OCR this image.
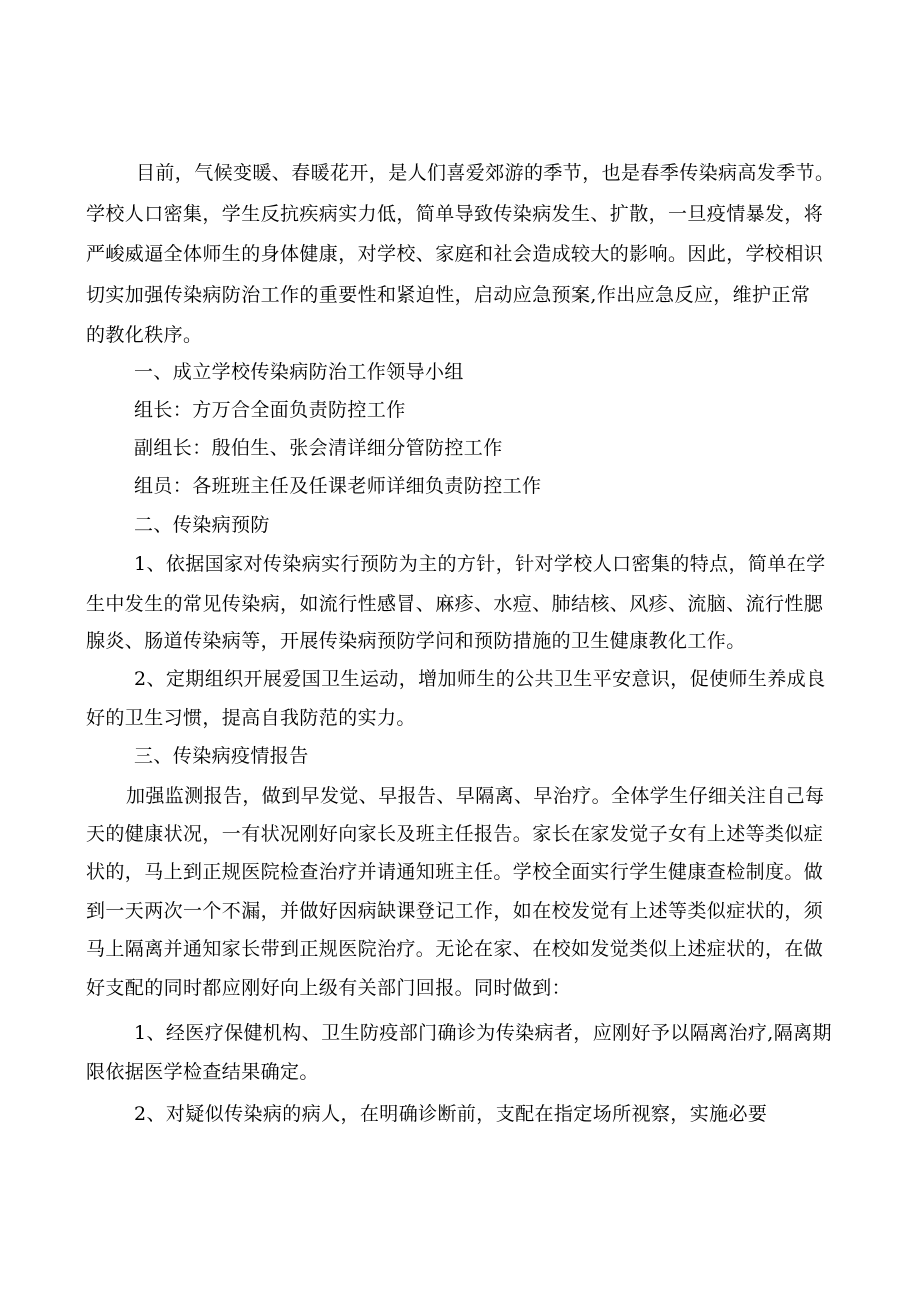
目前，气候变暖、春暖花开，是人们喜爱郊游的季节，也是春季传染病高发季节。
学校人口密集，学生反抗疾病实力低，简单导致传染病发生、扩散，一旦疫情暴发，将
严峻威逼全体师生的身体健康，对学校、家庭和社会造成较大的影响。因此，学校相识
切实加强传染病防治工作的重要性和紧迫性，启动应急预案,作出应急反应，维护正常
的教化秩序。
一、成立学校传染病防治工作领导小组
组长：方万合全面负责防控工作
副组长：殷伯生、张会清详细分管防控工作
组员：各班班主任及任课老师详细负责防控工作
二、传染病预防
1、依据国家对传染病实行预防为主的方针，针对学校人口密集的特点，简单在学
生中发生的常见传染病，如流行性感冒、麻疹、水痘、肺结核、风疹、流脑、流行性腮
腺炎、肠道传染病等，开展传染病预防学问和预防措施的卫生健康教化工作。
2、定期组织开展爱国卫生运动，增加师生的公共卫生平安意识，促使师生养成良
好的卫生习惯，提高自我防范的实力。
三、传染病疫情报告
加强监测报告，做到早发觉、早报告、早隔离、早治疗。全体学生仔细关注自己每
天的健康状况，一有状况刚好向家长及班主任报告。家长在家发觉子女有上述等类似症
状的，马上到正规医院检查治疗并请通知班主任。学校全面实行学生健康查检制度。做
到一天两次一个不漏，并做好因病缺课登记工作，如在校发觉有上述等类似症状的，须
马上隔离并通知家长带到正规医院治疗。无论在家、在校如发觉类似上述症状的，在做
好支配的同时都应刚好向上级有关部门回报。同时做到：
1、经医疗保健机构、卫生防疫部门确诊为传染病者，应刚好予以隔离治疗,隔离期
限依据医学检查结果确定。
2、对疑似传染病的病人，在明确诊断前，支配在指定场所视察，实施必要
